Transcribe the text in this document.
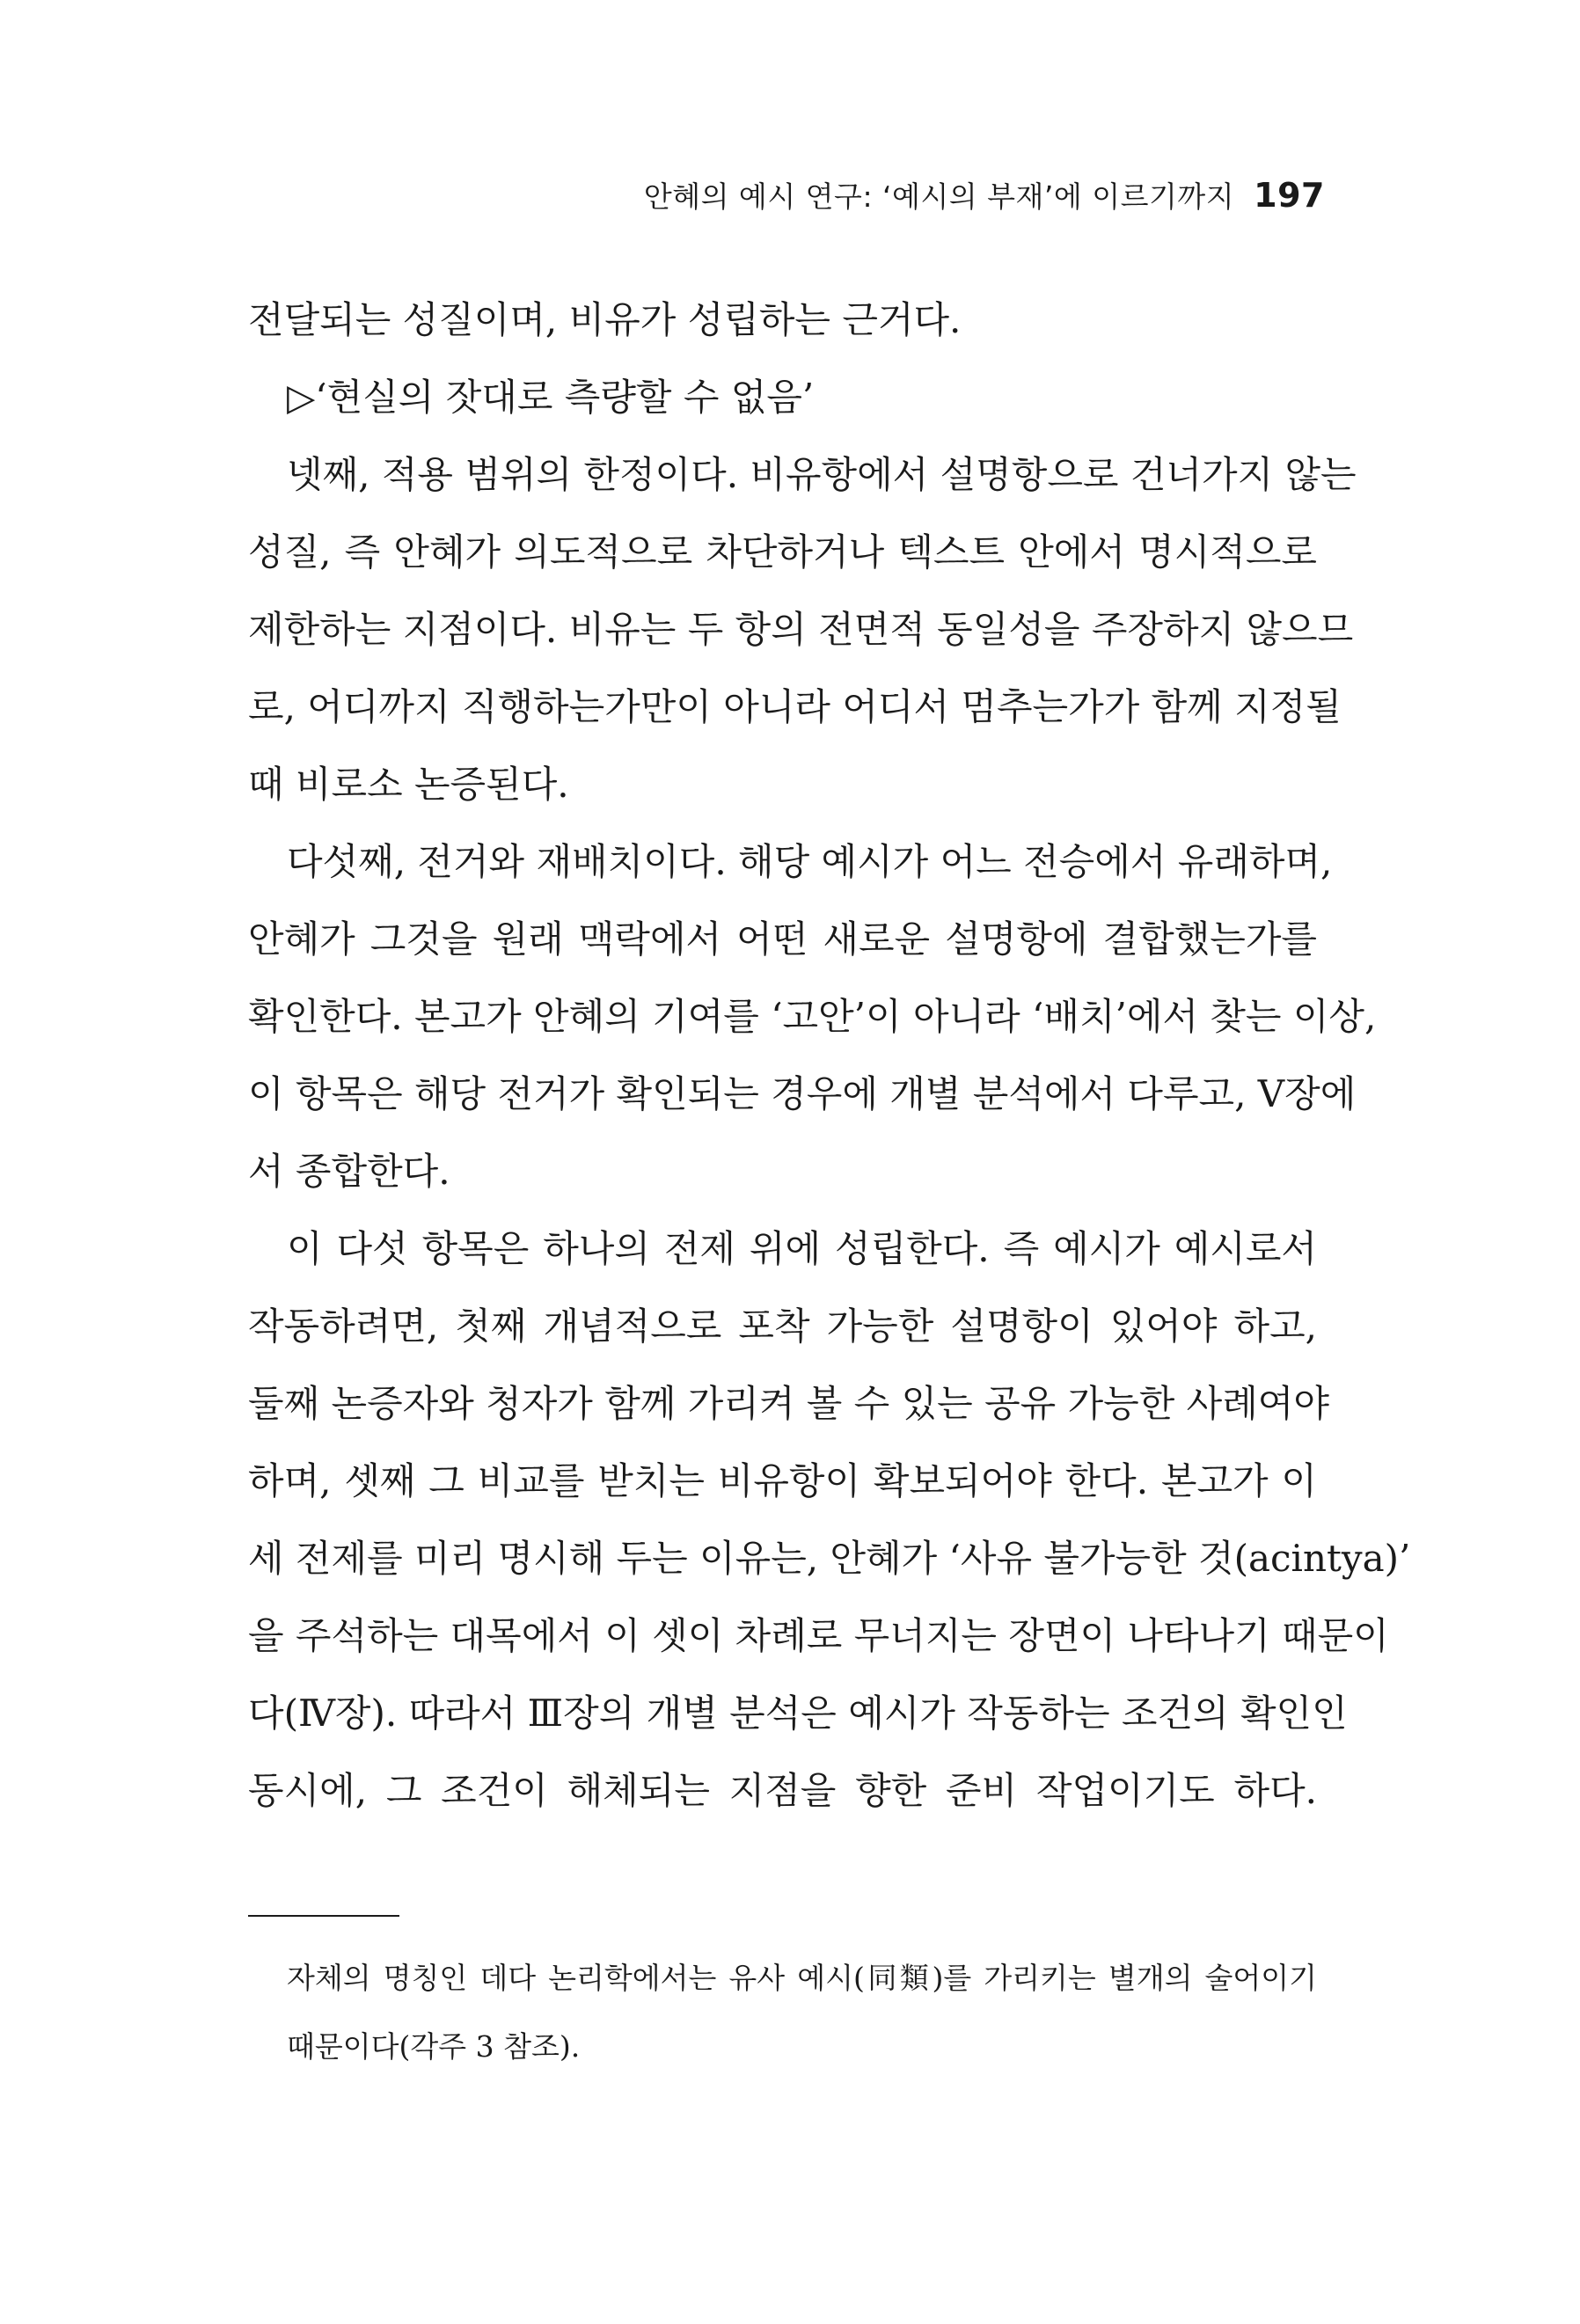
안혜의 예시 연구: ‘예시의 부재’에 이르기까지 197
전달되는 성질이며, 비유가 성립하는 근거다.
▷‘현실의 잣대로 측량할 수 없음’
넷째, 적용 범위의 한정이다. 비유항에서 설명항으로 건너가지 않는
성질, 즉 안혜가 의도적으로 차단하거나 텍스트 안에서 명시적으로
제한하는 지점이다. 비유는 두 항의 전면적 동일성을 주장하지 않으므
로, 어디까지 직행하는가만이 아니라 어디서 멈추는가가 함께 지정될
때 비로소 논증된다.
다섯째, 전거와 재배치이다. 해당 예시가 어느 전승에서 유래하며,
안혜가 그것을 원래 맥락에서 어떤 새로운 설명항에 결합했는가를
확인한다. 본고가 안혜의 기여를 ‘고안’이 아니라 ‘배치’에서 찾는 이상,
이 항목은 해당 전거가 확인되는 경우에 개별 분석에서 다루고, Ⅴ장에
서 종합한다.
이 다섯 항목은 하나의 전제 위에 성립한다. 즉 예시가 예시로서
작동하려면, 첫째 개념적으로 포착 가능한 설명항이 있어야 하고,
둘째 논증자와 청자가 함께 가리켜 볼 수 있는 공유 가능한 사례여야
하며, 셋째 그 비교를 받치는 비유항이 확보되어야 한다. 본고가 이
세 전제를 미리 명시해 두는 이유는, 안혜가 ‘사유 불가능한 것(acintya)’
을 주석하는 대목에서 이 셋이 차례로 무너지는 장면이 나타나기 때문이
다(Ⅳ장). 따라서 Ⅲ장의 개별 분석은 예시가 작동하는 조건의 확인인
동시에, 그 조건이 해체되는 지점을 향한 준비 작업이기도 하다.
자체의 명칭인 데다 논리학에서는 유사 예시(同類)를 가리키는 별개의 술어이기
때문이다(각주 3 참조).
